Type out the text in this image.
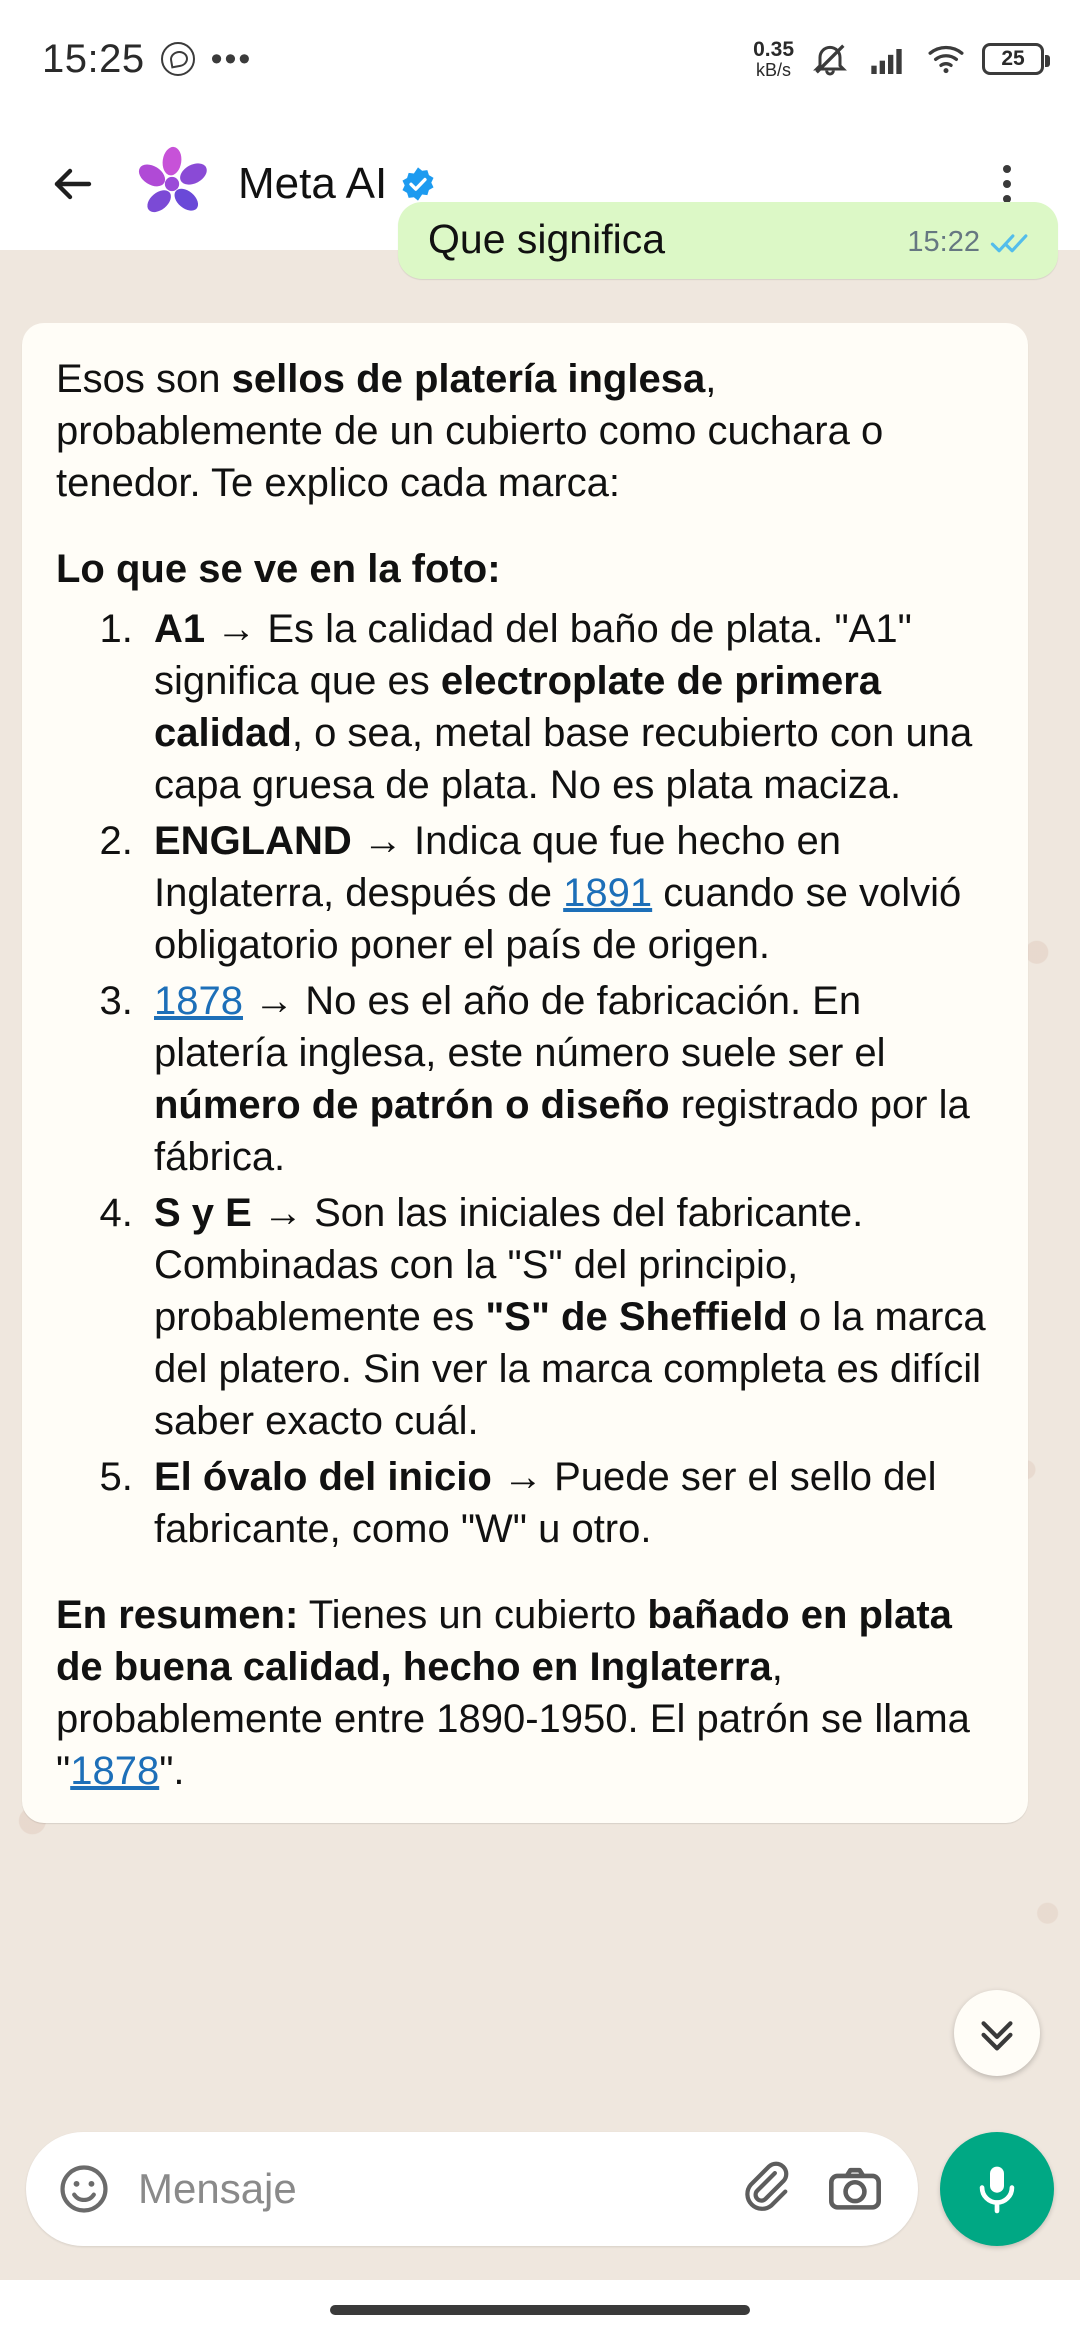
15:25 •••	0.35
kB/s	25
Meta AI
Que significa	15:22

Esos son sellos de platería inglesa, probablemente de un cubierto como cuchara o tenedor. Te explico cada marca:

Lo que se ve en la foto:

1. A1 → Es la calidad del baño de plata. "A1" significa que es electroplate de primera calidad, o sea, metal base recubierto con una capa gruesa de plata. No es plata maciza.
2. ENGLAND → Indica que fue hecho en Inglaterra, después de 1891 cuando se volvió obligatorio poner el país de origen.
3. 1878 → No es el año de fabricación. En platería inglesa, este número suele ser el número de patrón o diseño registrado por la fábrica.
4. S y E → Son las iniciales del fabricante. Combinadas con la "S" del principio, probablemente es "S" de Sheffield o la marca del platero. Sin ver la marca completa es difícil saber exacto cuál.
5. El óvalo del inicio → Puede ser el sello del fabricante, como "W" u otro.

En resumen: Tienes un cubierto bañado en plata de buena calidad, hecho en Inglaterra, probablemente entre 1890-1950. El patrón se llama "1878".

Mensaje
